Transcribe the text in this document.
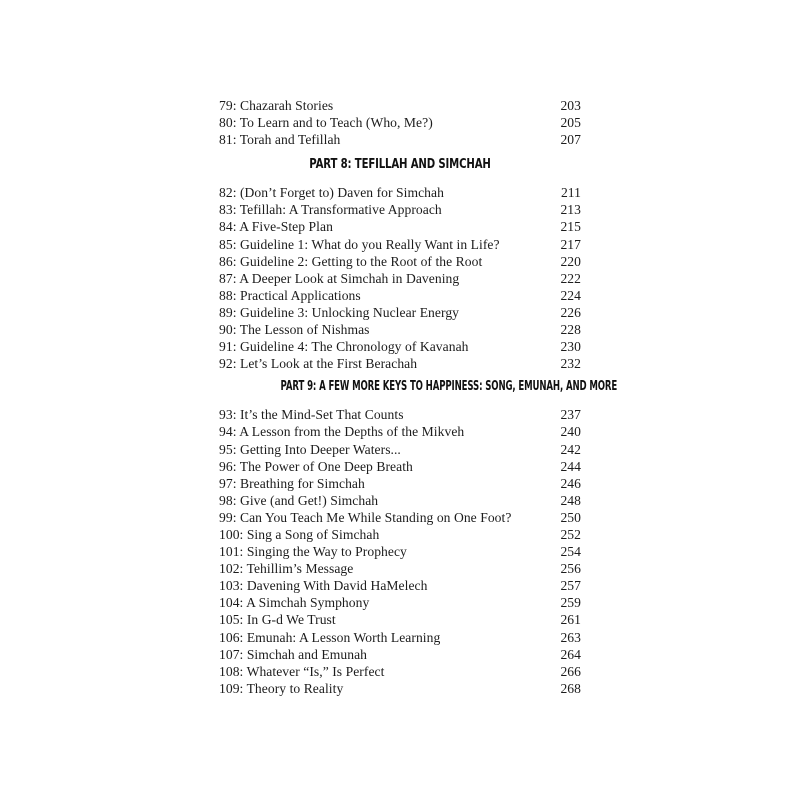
79: Chazarah Stories	203
80: To Learn and to Teach (Who, Me?)	205
81: Torah and Tefillah	207
PART 8: TEFILLAH AND SIMCHAH
82: (Don’t Forget to) Daven for Simchah	211
83: Tefillah: A Transformative Approach	213
84: A Five-Step Plan	215
85: Guideline 1: What do you Really Want in Life?	217
86: Guideline 2: Getting to the Root of the Root	220
87: A Deeper Look at Simchah in Davening	222
88: Practical Applications	224
89: Guideline 3: Unlocking Nuclear Energy	226
90: The Lesson of Nishmas	228
91: Guideline 4: The Chronology of Kavanah	230
92: Let’s Look at the First Berachah	232
PART 9: A FEW MORE KEYS TO HAPPINESS: SONG, EMUNAH, AND MORE
93: It’s the Mind-Set That Counts	237
94: A Lesson from the Depths of the Mikveh	240
95: Getting Into Deeper Waters...	242
96: The Power of One Deep Breath	244
97: Breathing for Simchah	246
98: Give (and Get!) Simchah	248
99: Can You Teach Me While Standing on One Foot?	250
100: Sing a Song of Simchah	252
101: Singing the Way to Prophecy	254
102: Tehillim’s Message	256
103: Davening With David HaMelech	257
104: A Simchah Symphony	259
105: In G-d We Trust	261
106: Emunah: A Lesson Worth Learning	263
107: Simchah and Emunah	264
108: Whatever “Is,” Is Perfect	266
109: Theory to Reality	268
